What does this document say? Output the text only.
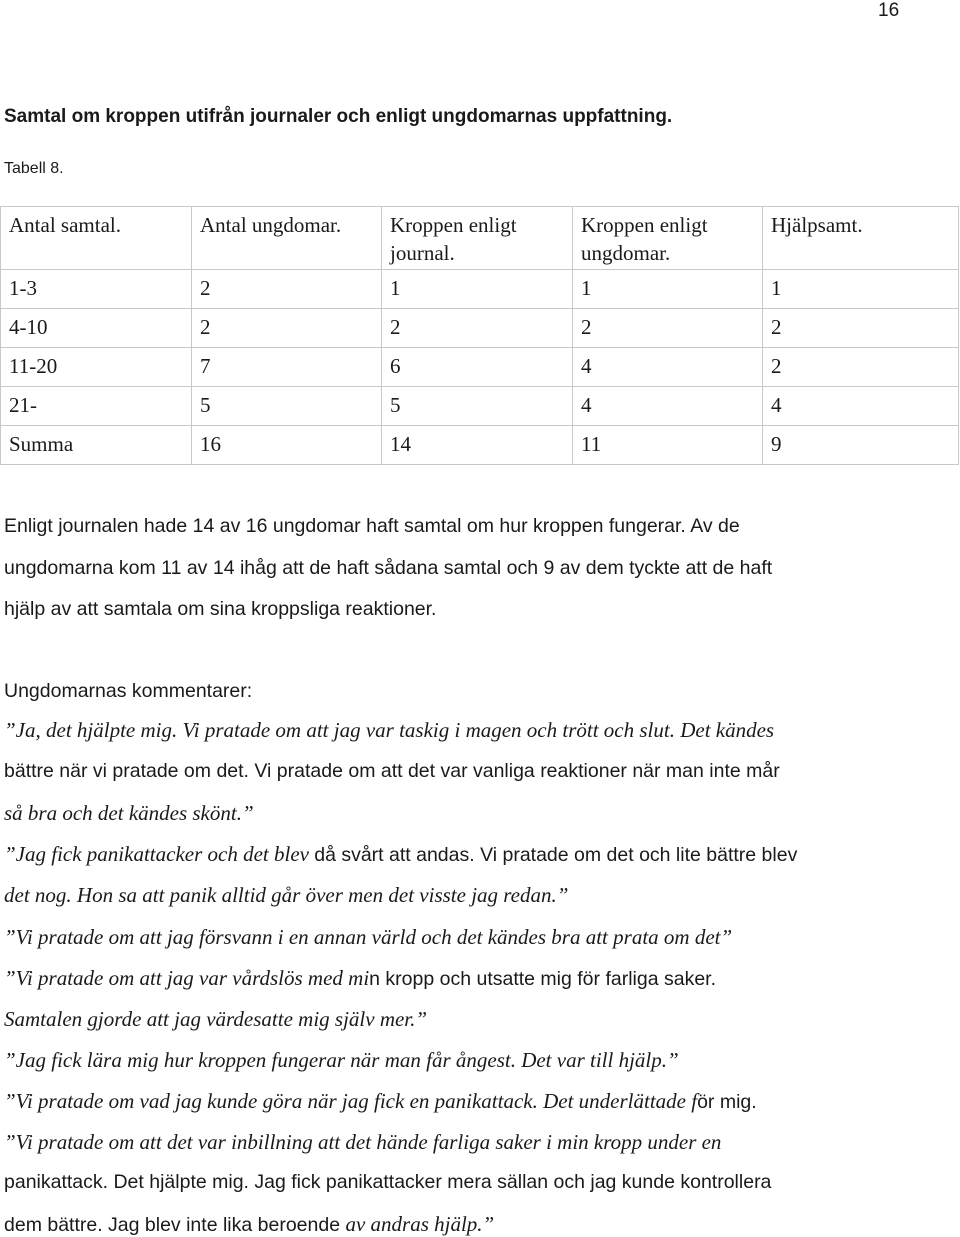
16
Samtal om kroppen utifrån journaler och enligt ungdomarnas uppfattning.
Tabell 8.
Antal samtal.	Antal ungdomar.	Kroppen enligt journal.	Kroppen enligt ungdomar.	Hjälpsamt.
1-3	2	1	1	1
4-10	2	2	2	2
11-20	7	6	4	2
21-	5	5	4	4
Summa	16	14	11	9
Enligt journalen hade 14 av 16 ungdomar haft samtal om hur kroppen fungerar. Av de
ungdomarna kom 11 av 14 ihåg att de haft sådana samtal och 9 av dem tyckte att de haft
hjälp av att samtala om sina kroppsliga reaktioner.
Ungdomarnas kommentarer:
”Ja, det hjälpte mig. Vi pratade om att jag var taskig i magen och trött och slut. Det kändes
bättre när vi pratade om det. Vi pratade om att det var vanliga reaktioner när man inte mår
så bra och det kändes skönt.”
”Jag fick panikattacker och det blev då svårt att andas. Vi pratade om det och lite bättre blev
det nog. Hon sa att panik alltid går över men det visste jag redan.”
”Vi pratade om att jag försvann i en annan värld och det kändes bra att prata om det”
”Vi pratade om att jag var vårdslös med min kropp och utsatte mig för farliga saker.
Samtalen gjorde att jag värdesatte mig själv mer.”
”Jag fick lära mig hur kroppen fungerar när man får ångest. Det var till hjälp.”
”Vi pratade om vad jag kunde göra när jag fick en panikattack. Det underlättade för mig.
”Vi pratade om att det var inbillning att det hände farliga saker i min kropp under en
panikattack. Det hjälpte mig. Jag fick panikattacker mera sällan och jag kunde kontrollera
dem bättre. Jag blev inte lika beroende av andras hjälp.”
